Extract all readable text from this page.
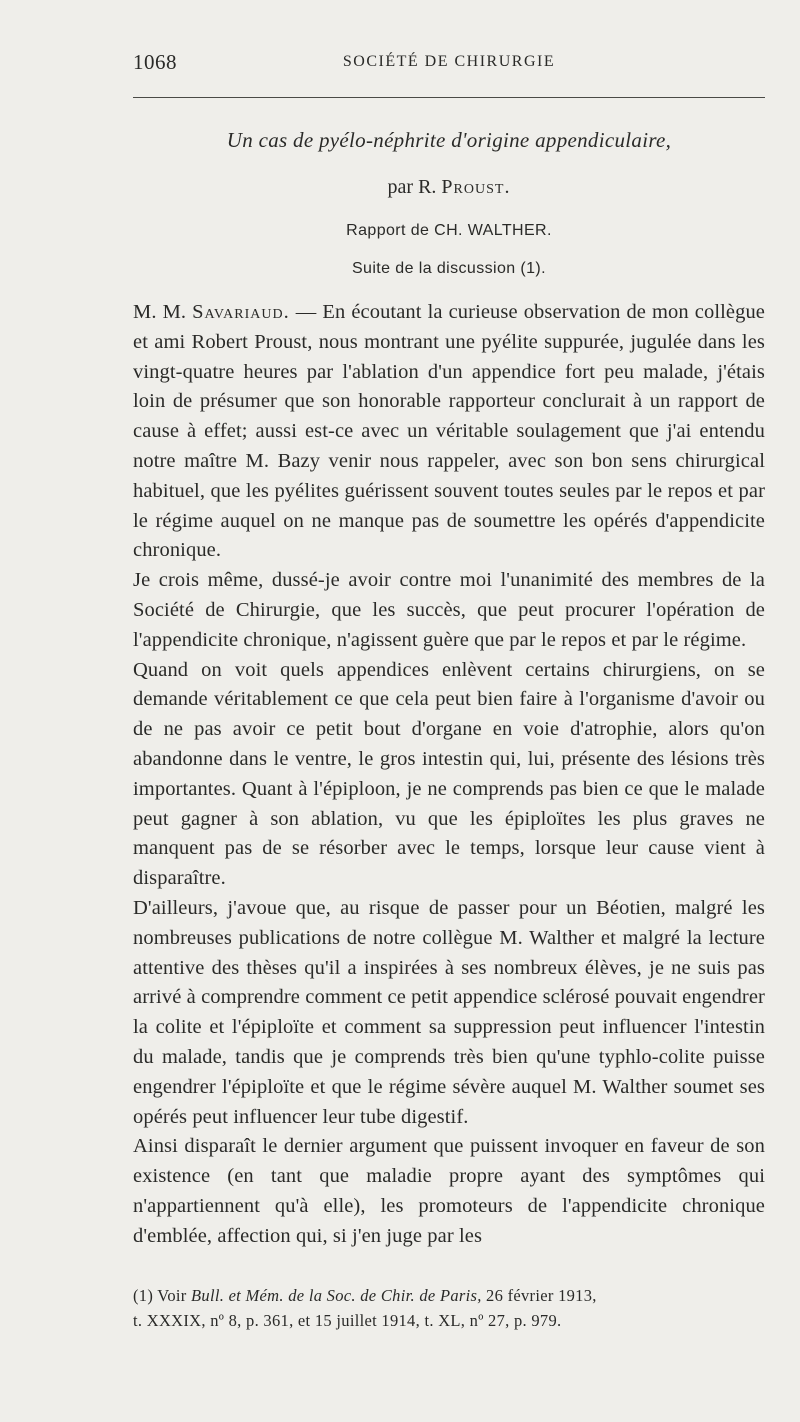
1068	SOCIÉTÉ DE CHIRURGIE
Un cas de pyélo-néphrite d'origine appendiculaire,
par R. Proust.
Rapport de CH. WALTHER.
Suite de la discussion (1).

M. M. Savariaud. — En écoutant la curieuse observation de mon collègue et ami Robert Proust, nous montrant une pyélite suppurée, jugulée dans les vingt-quatre heures par l'ablation d'un appendice fort peu malade, j'étais loin de présumer que son honorable rapporteur conclurait à un rapport de cause à effet; aussi est-ce avec un véritable soulagement que j'ai entendu notre maître M. Bazy venir nous rappeler, avec son bon sens chirurgical habituel, que les pyélites guérissent souvent toutes seules par le repos et par le régime auquel on ne manque pas de soumettre les opérés d'appendicite chronique.

Je crois même, dussé-je avoir contre moi l'unanimité des membres de la Société de Chirurgie, que les succès, que peut procurer l'opération de l'appendicite chronique, n'agissent guère que par le repos et par le régime.

Quand on voit quels appendices enlèvent certains chirurgiens, on se demande véritablement ce que cela peut bien faire à l'organisme d'avoir ou de ne pas avoir ce petit bout d'organe en voie d'atrophie, alors qu'on abandonne dans le ventre, le gros intestin qui, lui, présente des lésions très importantes. Quant à l'épiploon, je ne comprends pas bien ce que le malade peut gagner à son ablation, vu que les épiploïtes les plus graves ne manquent pas de se résorber avec le temps, lorsque leur cause vient à disparaître.

D'ailleurs, j'avoue que, au risque de passer pour un Béotien, malgré les nombreuses publications de notre collègue M. Walther et malgré la lecture attentive des thèses qu'il a inspirées à ses nombreux élèves, je ne suis pas arrivé à comprendre comment ce petit appendice sclérosé pouvait engendrer la colite et l'épiploïte et comment sa suppression peut influencer l'intestin du malade, tandis que je comprends très bien qu'une typhlo-colite puisse engendrer l'épiploïte et que le régime sévère auquel M. Walther soumet ses opérés peut influencer leur tube digestif.

Ainsi disparaît le dernier argument que puissent invoquer en faveur de son existence (en tant que maladie propre ayant des symptômes qui n'appartiennent qu'à elle), les promoteurs de l'appendicite chronique d'emblée, affection qui, si j'en juge par les

(1) Voir Bull. et Mém. de la Soc. de Chir. de Paris, 26 février 1913,

t. XXXIX, nº 8, p. 361, et 15 juillet 1914, t. XL, nº 27, p. 979.
